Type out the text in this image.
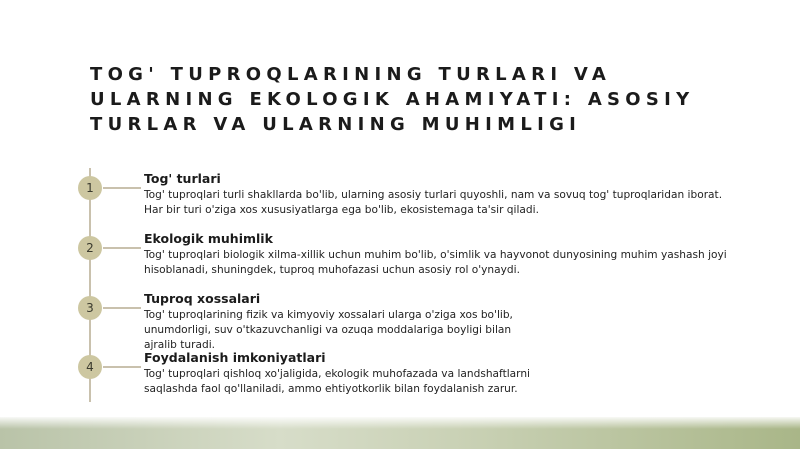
TOG' TUPROQLARINING TURLARI VA ULARNING EKOLOGIK AHAMIYATI: ASOSIY TURLAR VA ULARNING MUHIMLIGI
1

Tog' turlari

Tog' tuproqlari turli shakllarda bo'lib, ularning asosiy turlari quyoshli, nam va sovuq tog' tuproqlaridan iborat. Har bir turi o'ziga xos xususiyatlarga ega bo'lib, ekosistemaga ta'sir qiladi.

2

Ekologik muhimlik

Tog' tuproqlari biologik xilma-xillik uchun muhim bo'lib, o'simlik va hayvonot dunyosining muhim yashash joyi hisoblanadi, shuningdek, tuproq muhofazasi uchun asosiy rol o'ynaydi.

3

Tuproq xossalari

Tog' tuproqlarining fizik va kimyoviy xossalari ularga o'ziga xos bo'lib, unumdorligi, suv o'tkazuvchanligi va ozuqa moddalariga boyligi bilan ajralib turadi.

4

Foydalanish imkoniyatlari

Tog' tuproqlari qishloq xo'jaligida, ekologik muhofazada va landshaftlarni saqlashda faol qo'llaniladi, ammo ehtiyotkorlik bilan foydalanish zarur.
